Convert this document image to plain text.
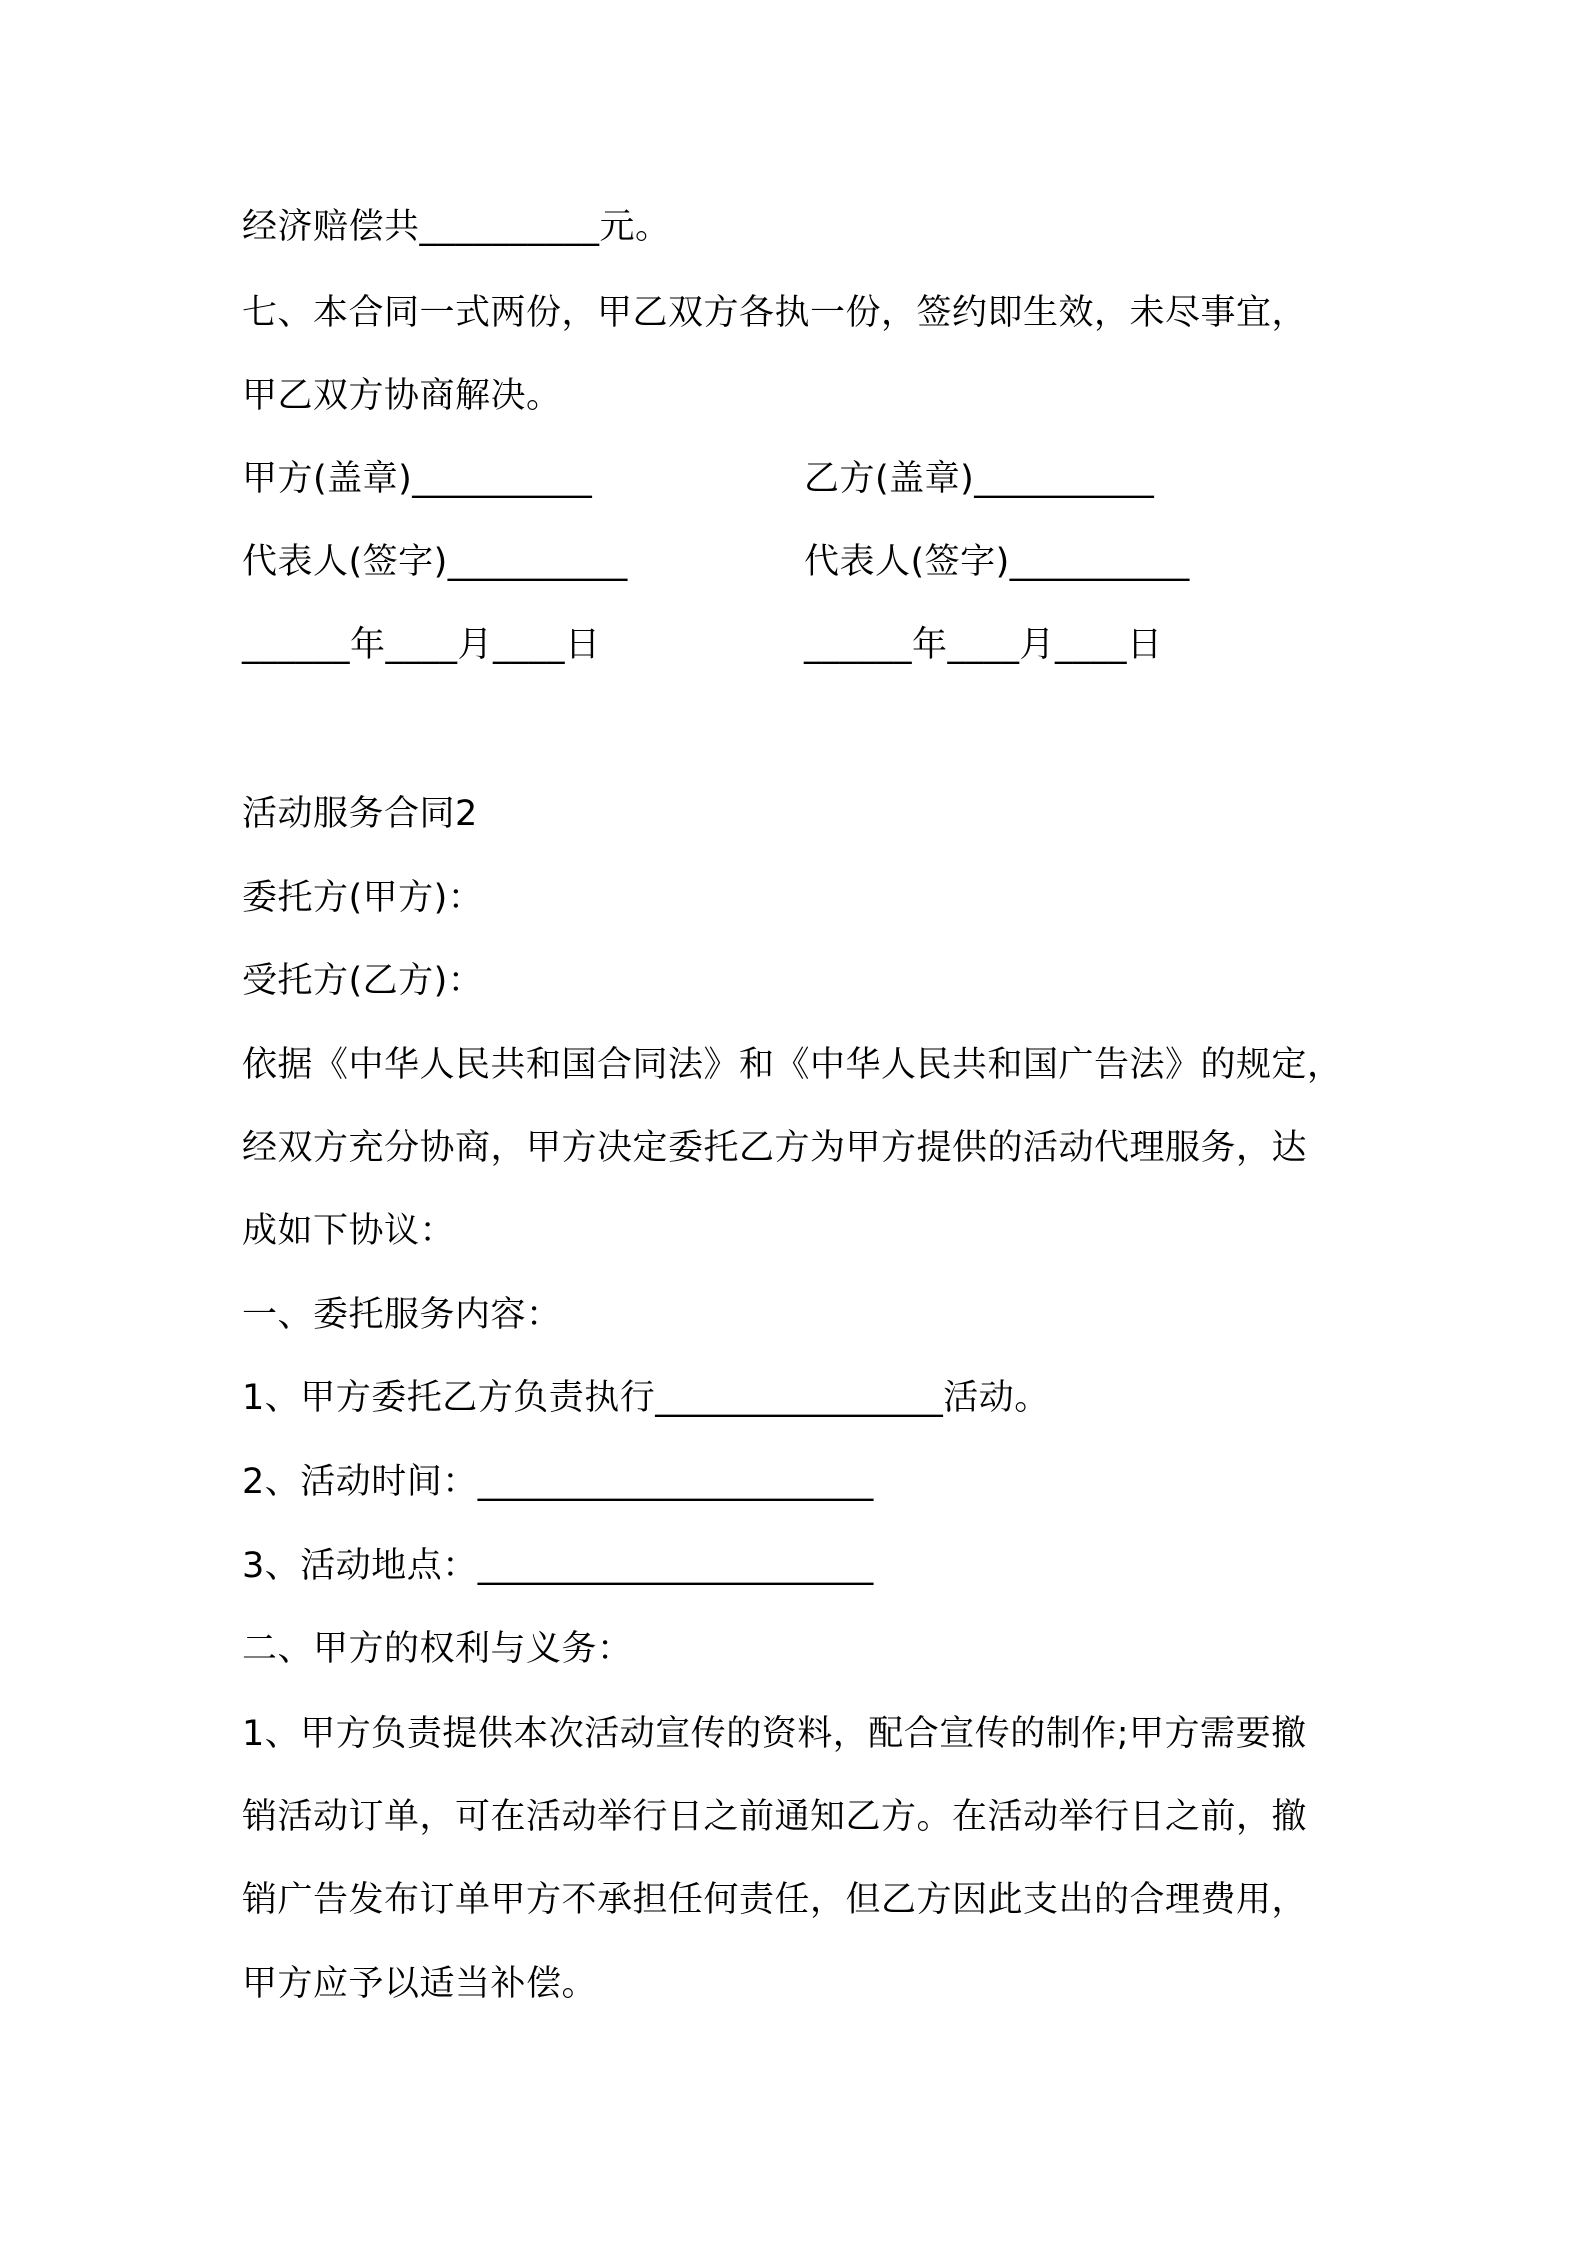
经济赔偿共__________元。
七、本合同一式两份，甲乙双方各执一份，签约即生效，未尽事宜，
甲乙双方协商解决。
甲方(盖章)__________	乙方(盖章)__________
代表人(签字)__________	代表人(签字)__________
______年____月____日	______年____月____日
活动服务合同2
委托方(甲方)：
受托方(乙方)：
依据《中华人民共和国合同法》和《中华人民共和国广告法》的规定，
经双方充分协商，甲方决定委托乙方为甲方提供的活动代理服务，达
成如下协议：
一、委托服务内容：
1、甲方委托乙方负责执行________________活动。
2、活动时间：______________________
3、活动地点：______________________
二、甲方的权利与义务：
1、甲方负责提供本次活动宣传的资料，配合宣传的制作;甲方需要撤
销活动订单，可在活动举行日之前通知乙方。在活动举行日之前，撤
销广告发布订单甲方不承担任何责任，但乙方因此支出的合理费用，
甲方应予以适当补偿。
